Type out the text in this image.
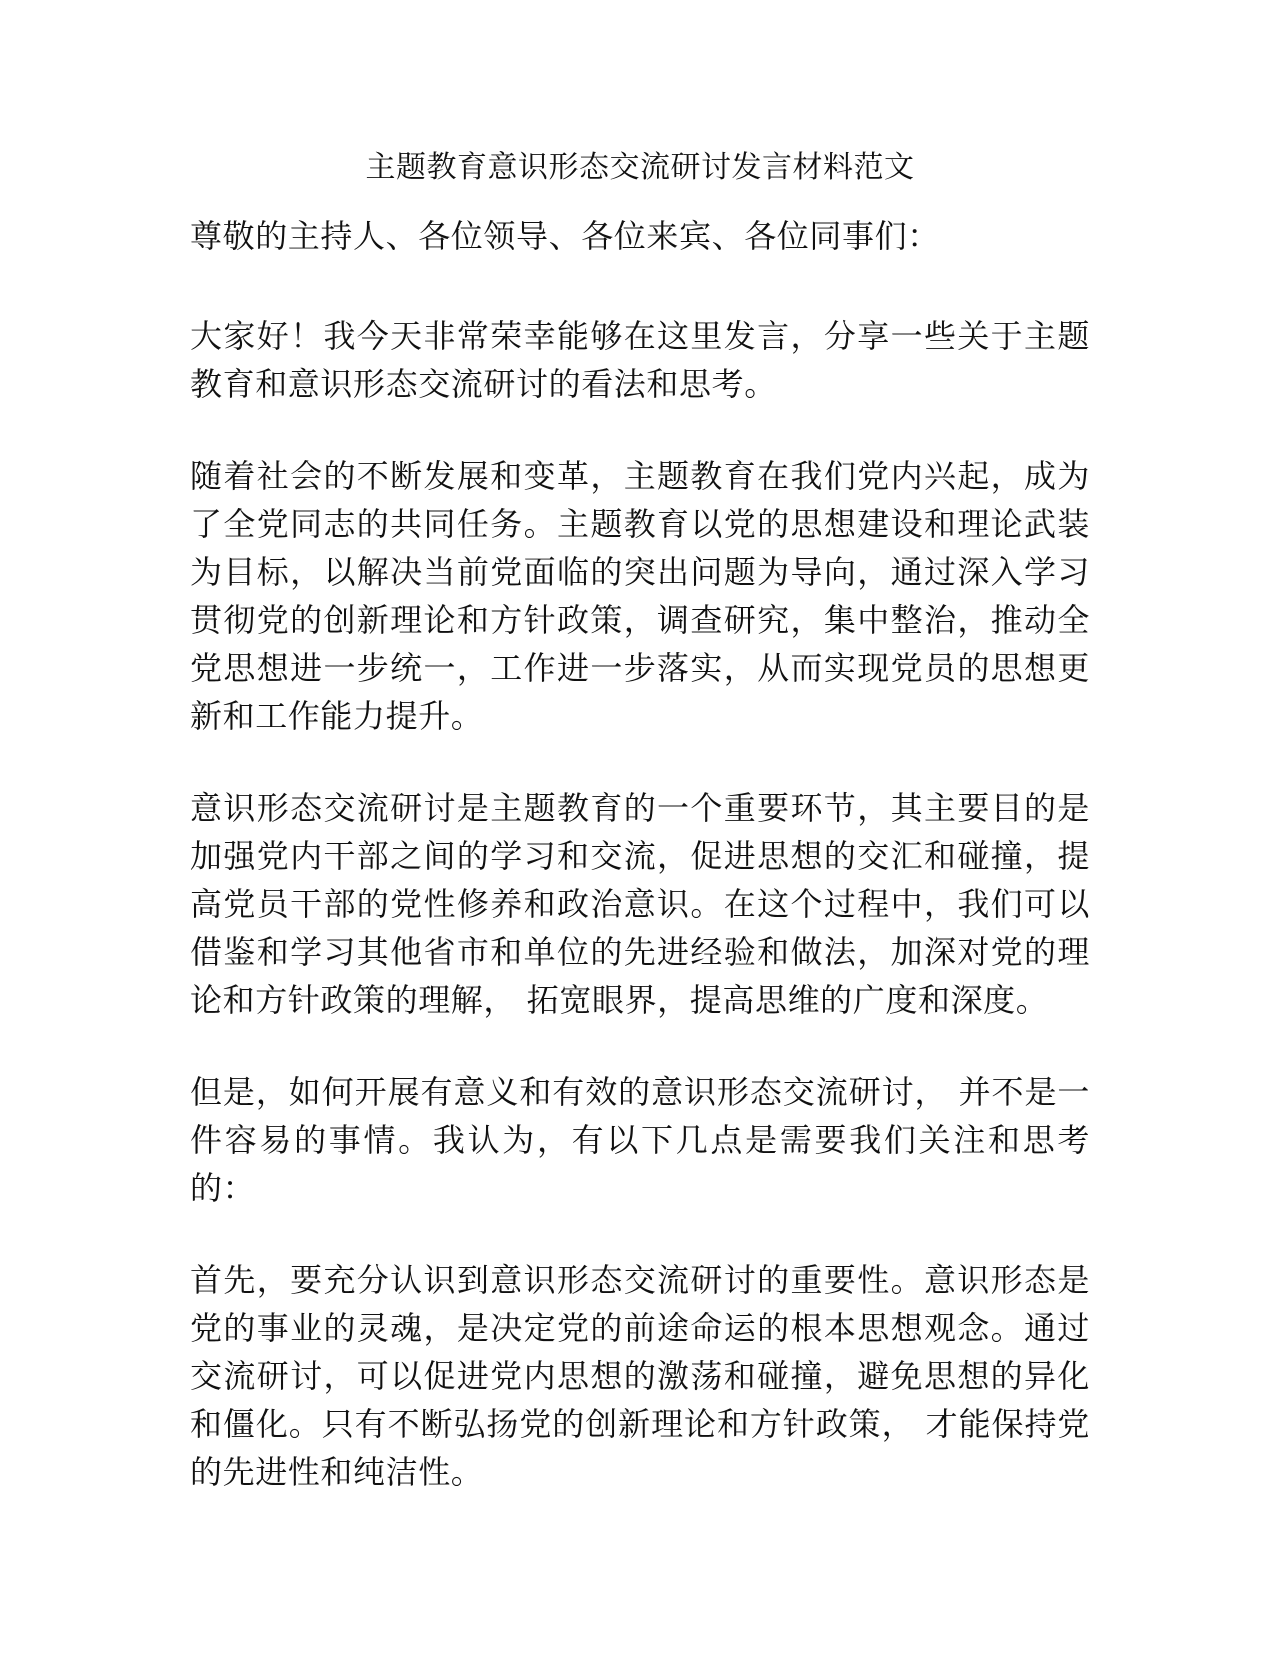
主题教育意识形态交流研讨发言材料范文

尊敬的主持人、各位领导、各位来宾、各位同事们：

大家好！我今天非常荣幸能够在这里发言，分享一些关于主题教育和意识形态交流研讨的看法和思考。

随着社会的不断发展和变革，主题教育在我们党内兴起，成为了全党同志的共同任务。主题教育以党的思想建设和理论武装为目标，以解决当前党面临的突出问题为导向，通过深入学习贯彻党的创新理论和方针政策，调查研究，集中整治，推动全党思想进一步统一，工作进一步落实，从而实现党员的思想更新和工作能力提升。

意识形态交流研讨是主题教育的一个重要环节，其主要目的是加强党内干部之间的学习和交流，促进思想的交汇和碰撞，提高党员干部的党性修养和政治意识。在这个过程中，我们可以借鉴和学习其他省市和单位的先进经验和做法，加深对党的理论和方针政策的理解， 拓宽眼界，提高思维的广度和深度。

但是，如何开展有意义和有效的意识形态交流研讨， 并不是一件容易的事情。我认为，有以下几点是需要我们关注和思考的：

首先，要充分认识到意识形态交流研讨的重要性。意识形态是党的事业的灵魂，是决定党的前途命运的根本思想观念。通过交流研讨，可以促进党内思想的激荡和碰撞，避免思想的异化和僵化。只有不断弘扬党的创新理论和方针政策， 才能保持党的先进性和纯洁性。
